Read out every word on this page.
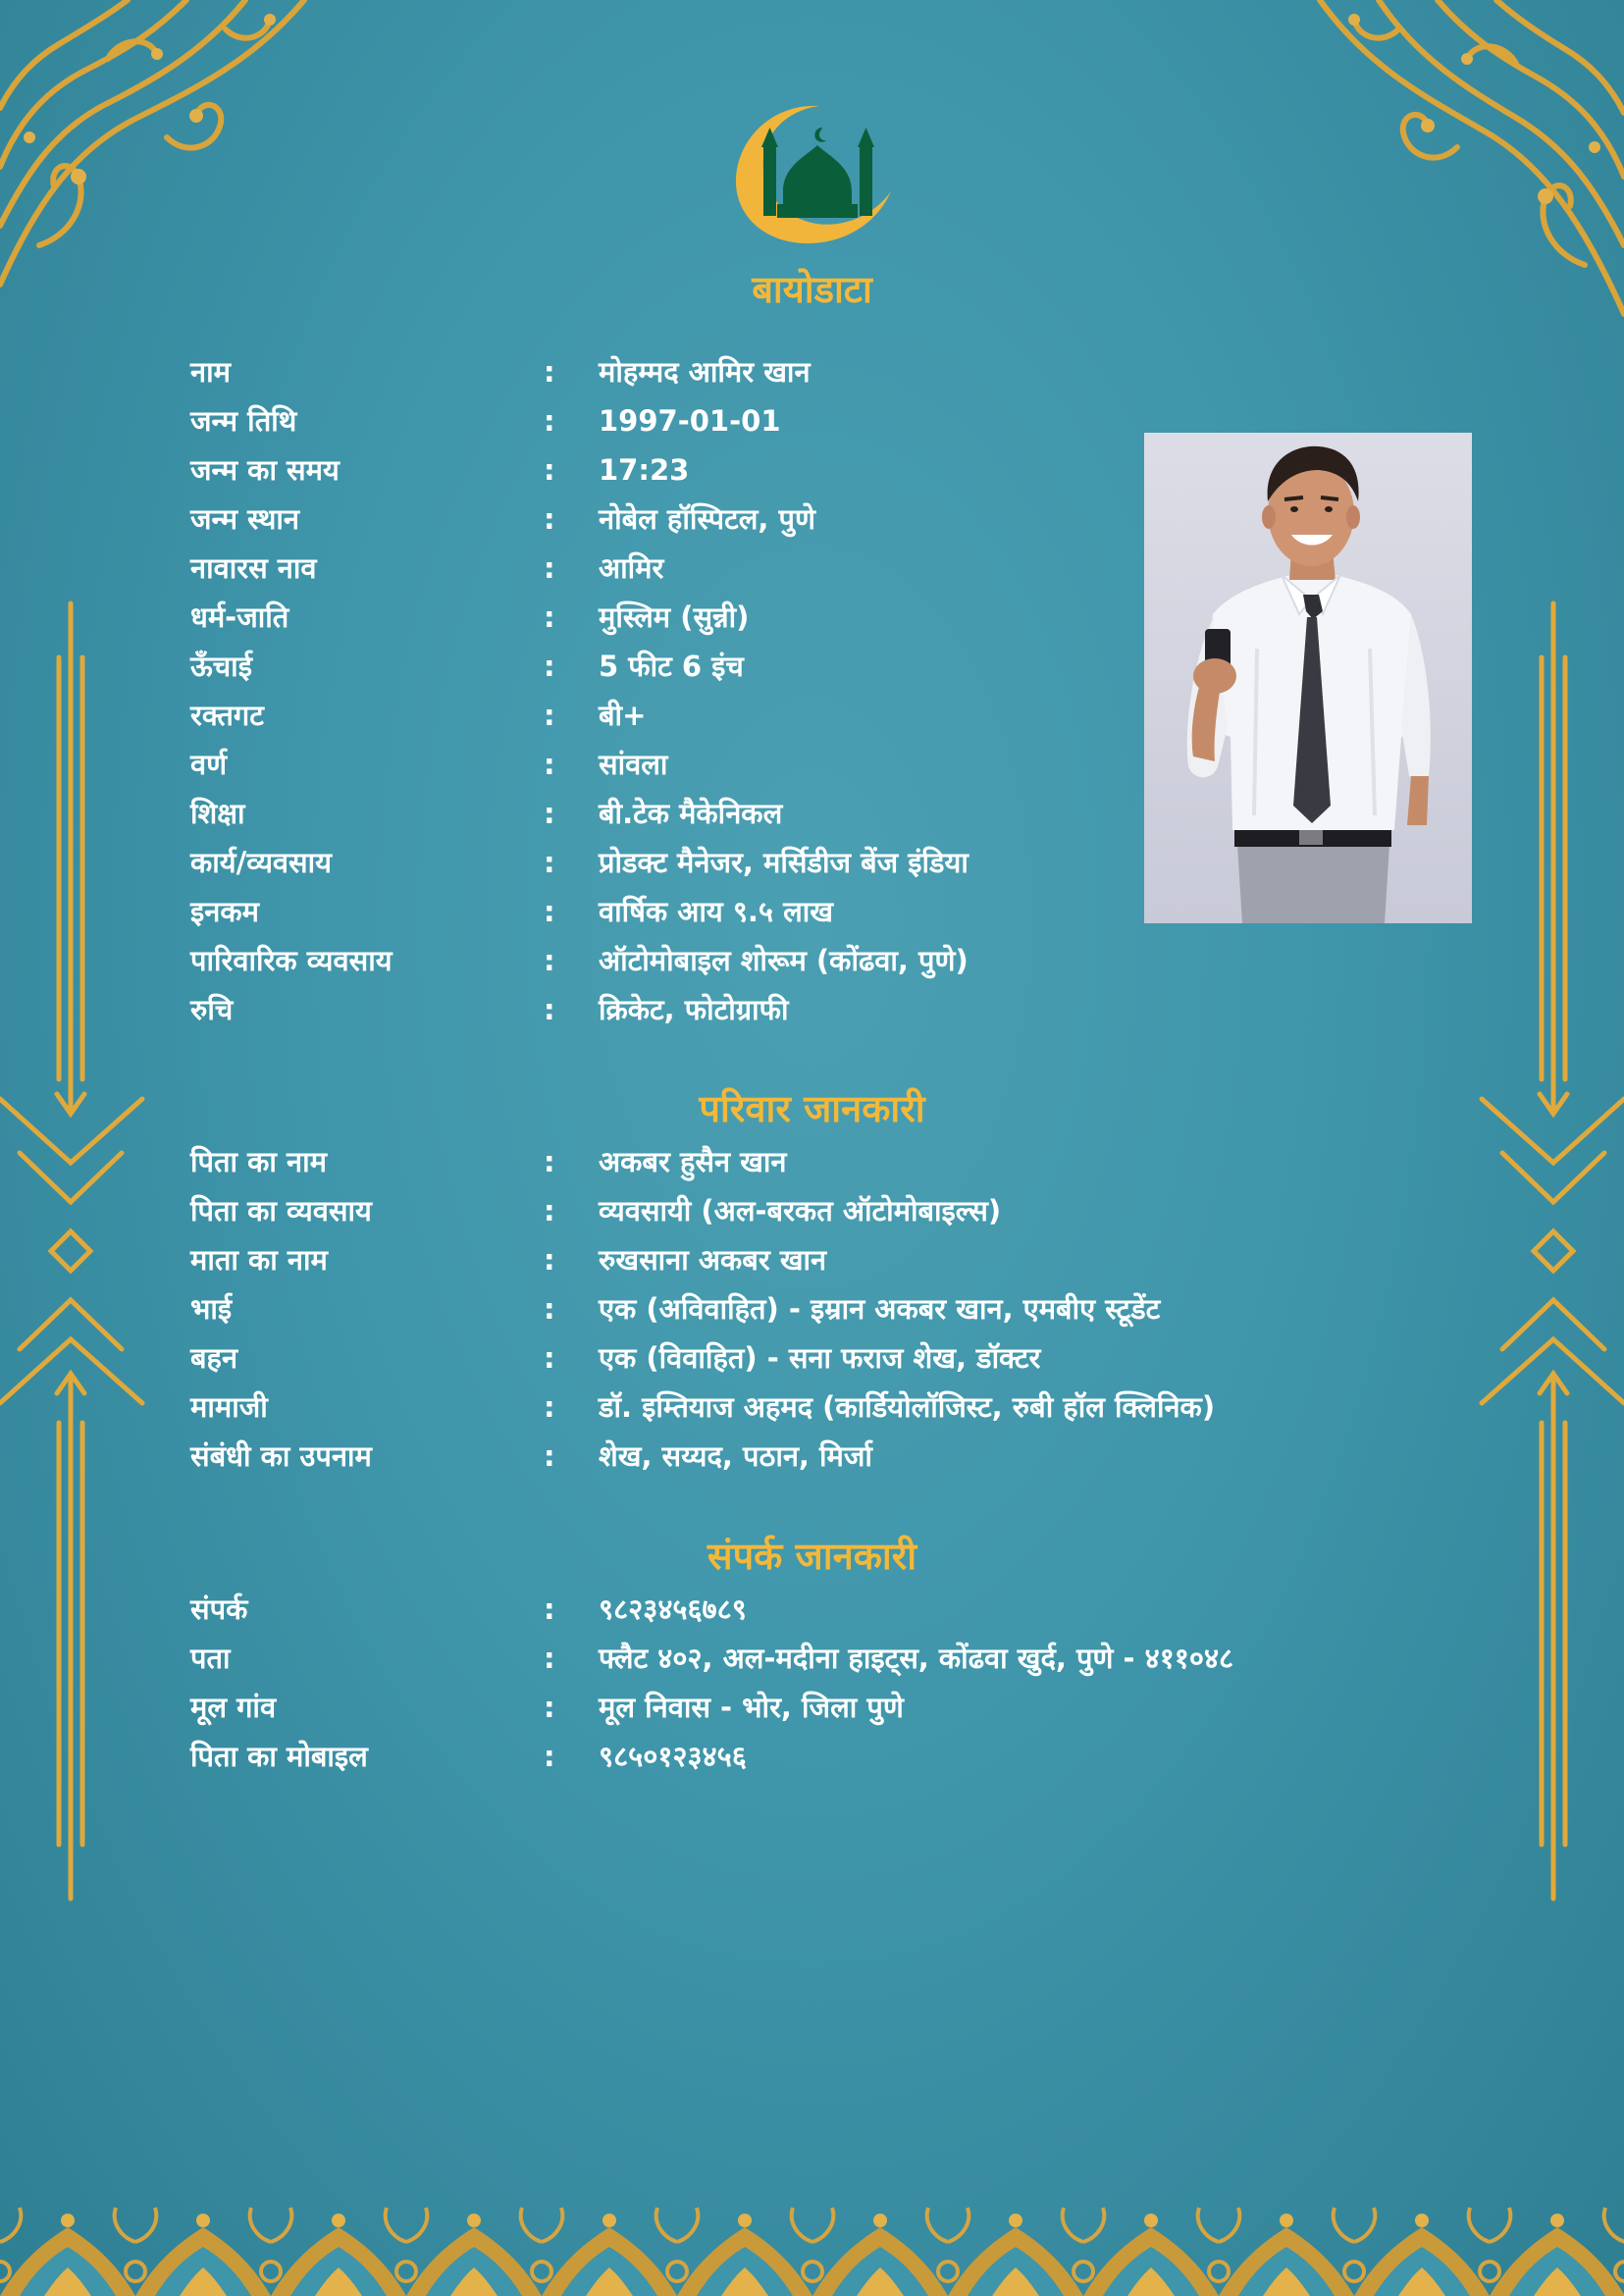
बायोडाटा
नाम	:	मोहम्मद आमिर खान
जन्म तिथि	:	1997-01-01
जन्म का समय	:	17:23
जन्म स्थान	:	नोबेल हॉस्पिटल, पुणे
नावारस नाव	:	आमिर
धर्म-जाति	:	मुस्लिम (सुन्नी)
ऊँचाई	:	5 फीट 6 इंच
रक्तगट	:	बी+
वर्ण	:	सांवला
शिक्षा	:	बी.टेक मैकेनिकल
कार्य/व्यवसाय	:	प्रोडक्ट मैनेजर, मर्सिडीज बेंज इंडिया
इनकम	:	वार्षिक आय ९.५ लाख
पारिवारिक व्यवसाय	:	ऑटोमोबाइल शोरूम (कोंढवा, पुणे)
रुचि	:	क्रिकेट, फोटोग्राफी
परिवार जानकारी
पिता का नाम	:	अकबर हुसैन खान
पिता का व्यवसाय	:	व्यवसायी (अल-बरकत ऑटोमोबाइल्स)
माता का नाम	:	रुखसाना अकबर खान
भाई	:	एक (अविवाहित) - इम्रान अकबर खान, एमबीए स्टूडेंट
बहन	:	एक (विवाहित) - सना फराज शेख, डॉक्टर
मामाजी	:	डॉ. इम्तियाज अहमद (कार्डियोलॉजिस्ट, रुबी हॉल क्लिनिक)
संबंधी का उपनाम	:	शेख, सय्यद, पठान, मिर्जा
संपर्क जानकारी
संपर्क	:	९८२३४५६७८९
पता	:	फ्लैट ४०२, अल-मदीना हाइट्स, कोंढवा खुर्द, पुणे - ४११०४८
मूल गांव	:	मूल निवास - भोर, जिला पुणे
पिता का मोबाइल	:	९८५०१२३४५६
